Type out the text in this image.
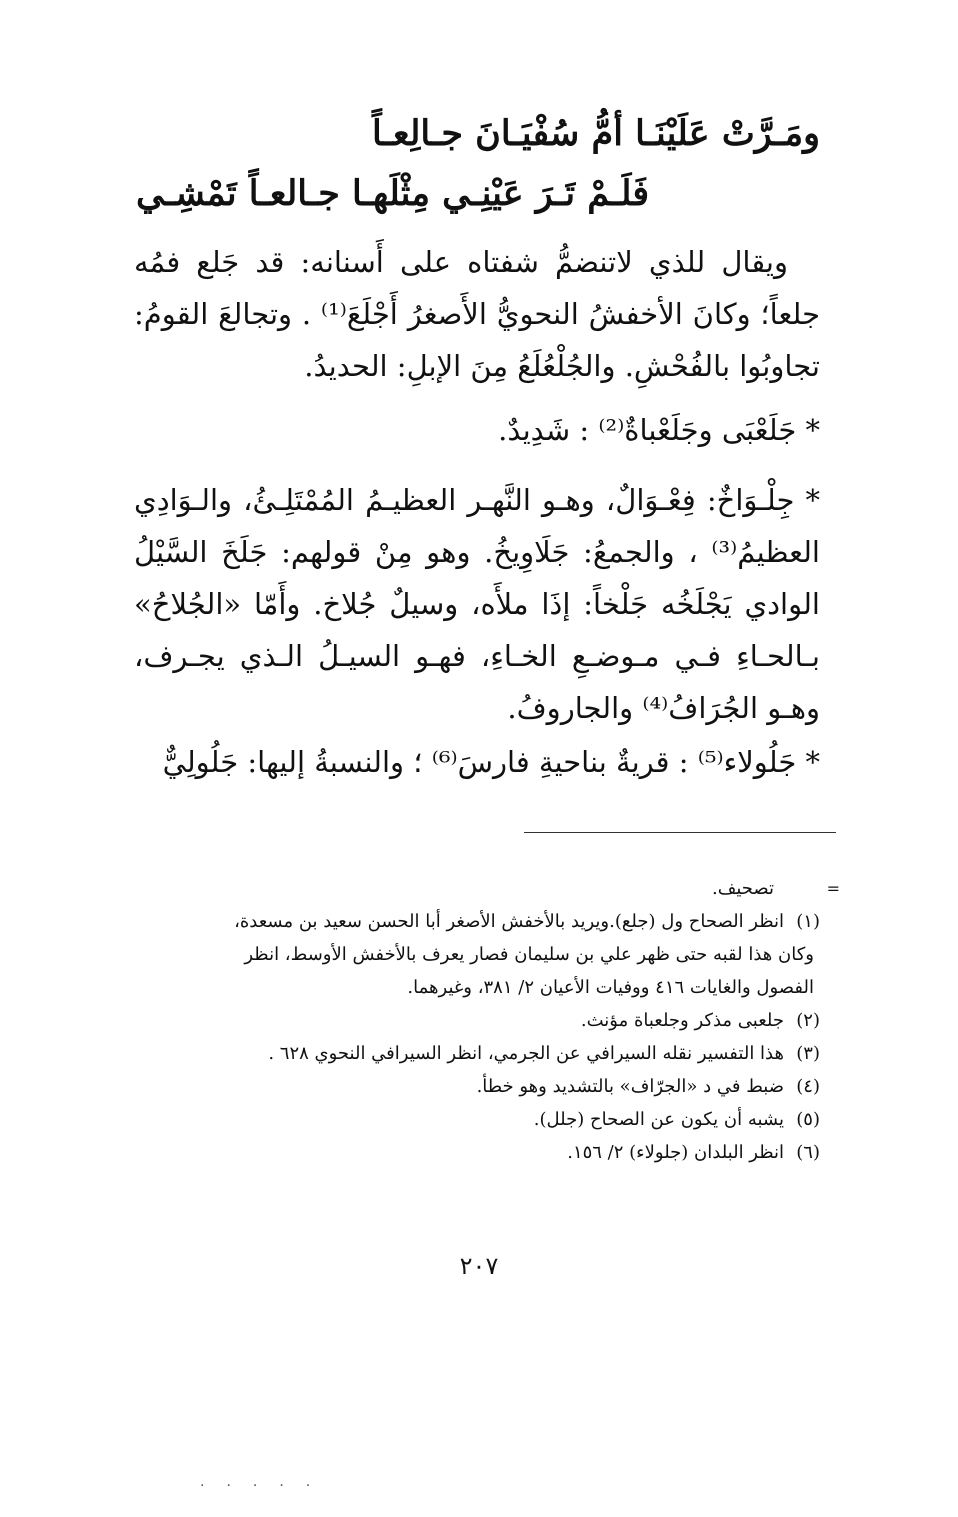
ومَـرَّتْ عَلَيْنَـا أمُّ سُفْيَـانَ جـالِعـاً
فَلَـمْ تَـرَ عَيْنِـي مِثْلَهـا جـالعـاً تَمْشِـي

ويقال للذي لاتنضمُّ شفتاه على أَسنانه: قد جَلع فمُه جلعاً؛ وكانَ الأخفشُ النحويُّ الأَصغرُ أَجْلَعَ⁽¹⁾ . وتجالعَ القومُ: تجاوبُوا بالفُحْشِ. والجُلْعُلَعُ مِنَ الإبلِ: الحديدُ.

* جَلَعْبَى وجَلَعْباةٌ⁽²⁾ : شَدِيدٌ.

* جِلْـوَاخٌ: فِعْـوَالٌ، وهـو النَّهـر العظيـمُ المُمْتَلِـئُ، والـوَادِي العظيمُ⁽³⁾ ، والجمعُ: جَلَاوِيخُ. وهو مِنْ قولهم: جَلَخَ السَّيْلُ الوادي يَجْلَخُه جَلْخاً: إذَا ملأَه، وسيلٌ جُلاخ. وأَمّا «الجُلاحُ» بـالحـاءِ فـي مـوضـعِ الخـاءِ، فهـو السيـلُ الـذي يجـرف، وهـو الجُرَافُ⁽⁴⁾ والجاروفُ.

* جَلُولاء⁽⁵⁾ : قريةٌ بناحيةِ فارسَ⁽⁶⁾ ؛ والنسبةُ إليها: جَلُولِيٌّ

=
تصحيف.
(١)انظر الصحاح ول (جلع).ويريد بالأخفش الأصغر أبا الحسن سعيد بن مسعدة،
وكان هذا لقبه حتى ظهر علي بن سليمان فصار يعرف بالأخفش الأوسط، انظر
الفصول والغايات ٤١٦ ووفيات الأعيان ٢/ ٣٨١، وغيرهما.
(٢)جلعبى مذكر وجلعباة مؤنث.
(٣)هذا التفسير نقله السيرافي عن الجرمي، انظر السيرافي النحوي ٦٢٨ .
(٤)ضبط في د «الجرّاف» بالتشديد وهو خطأ.
(٥)يشبه أن يكون عن الصحاح (جلل).
(٦)انظر البلدان (جلولاء) ٢/ ١٥٦.
٢٠٧
·····
